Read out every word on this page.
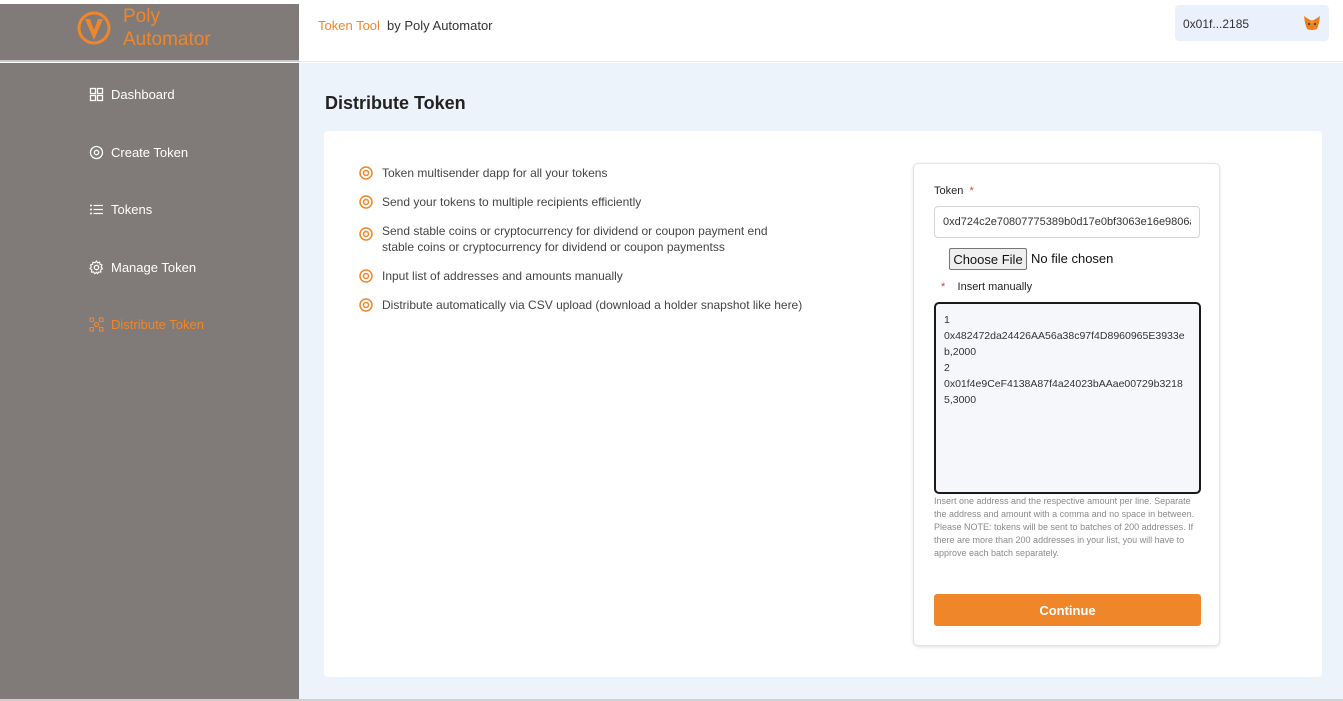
Poly
Automator
Token Tool by Poly Automator	0x01f...2185
Dashboard
Create Token
Tokens
Manage Token
Distribute Token
Distribute Token
Token multisender dapp for all your tokens
Send your tokens to multiple recipients efficiently
Send stable coins or cryptocurrency for dividend or coupon payment end stable coins or cryptocurrency for dividend or coupon paymentss
Input list of addresses and amounts manually
Distribute automatically via CSV upload (download a holder snapshot like here)
Token  *
0xd724c2e70807775389b0d17e0bf3063e16e9806a
Choose File No file chosen
*    Insert manually
1 0x482472da24426AA56a38c97f4D8960965E3933eb,2000 2 0x01f4e9CeF4138A87f4a24023bAAae00729b32185,3000
Insert one address and the respective amount per line. Separate the address and amount with a comma and no space in between. Please NOTE: tokens will be sent to batches of 200 addresses. If there are more than 200 addresses in your list, you will have to approve each batch separately.
Continue
